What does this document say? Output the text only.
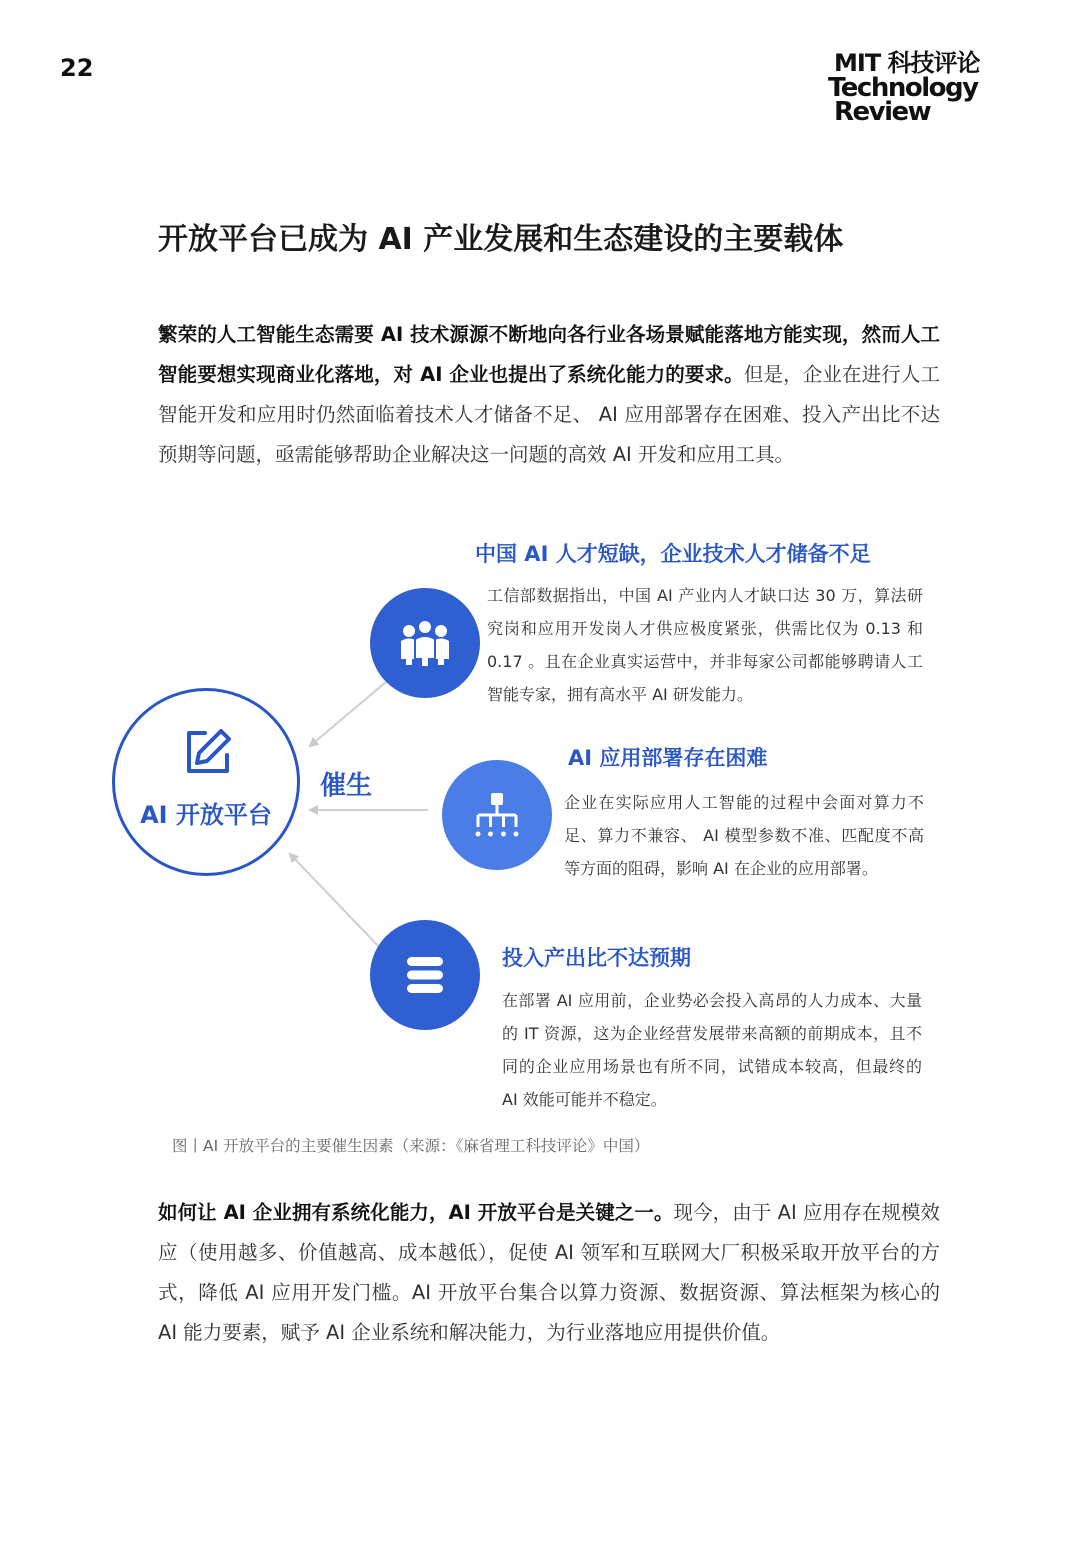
22	MIT 科技评论
Technology
Review
开放平台已成为 AI 产业发展和生态建设的主要载体
繁荣的人工智能生态需要 AI 技术源源不断地向各行业各场景赋能落地方能实现，然而人工智能要想实现商业化落地，对 AI 企业也提出了系统化能力的要求。但是，企业在进行人工智能开发和应用时仍然面临着技术人才储备不足、 AI 应用部署存在困难、投入产出比不达预期等问题，亟需能够帮助企业解决这一问题的高效 AI 开发和应用工具。
AI 开放平台
催生
中国 AI 人才短缺，企业技术人才储备不足
工信部数据指出，中国 AI 产业内人才缺口达 30 万，算法研究岗和应用开发岗人才供应极度紧张，供需比仅为 0.13 和 0.17 。且在企业真实运营中，并非每家公司都能够聘请人工智能专家，拥有高水平 AI 研发能力。
AI 应用部署存在困难
企业在实际应用人工智能的过程中会面对算力不足、算力不兼容、 AI 模型参数不准、匹配度不高等方面的阻碍，影响 AI 在企业的应用部署。
投入产出比不达预期
在部署 AI 应用前，企业势必会投入高昂的人力成本、大量的 IT 资源，这为企业经营发展带来高额的前期成本，且不同的企业应用场景也有所不同，试错成本较高，但最终的 AI 效能可能并不稳定。
图丨AI 开放平台的主要催生因素（来源：《麻省理工科技评论》中国）
如何让 AI 企业拥有系统化能力，AI 开放平台是关键之一。现今，由于 AI 应用存在规模效应（使用越多、价值越高、成本越低），促使 AI 领军和互联网大厂积极采取开放平台的方式，降低 AI 应用开发门槛。AI 开放平台集合以算力资源、数据资源、算法框架为核心的 AI 能力要素，赋予 AI 企业系统和解决能力，为行业落地应用提供价值。
